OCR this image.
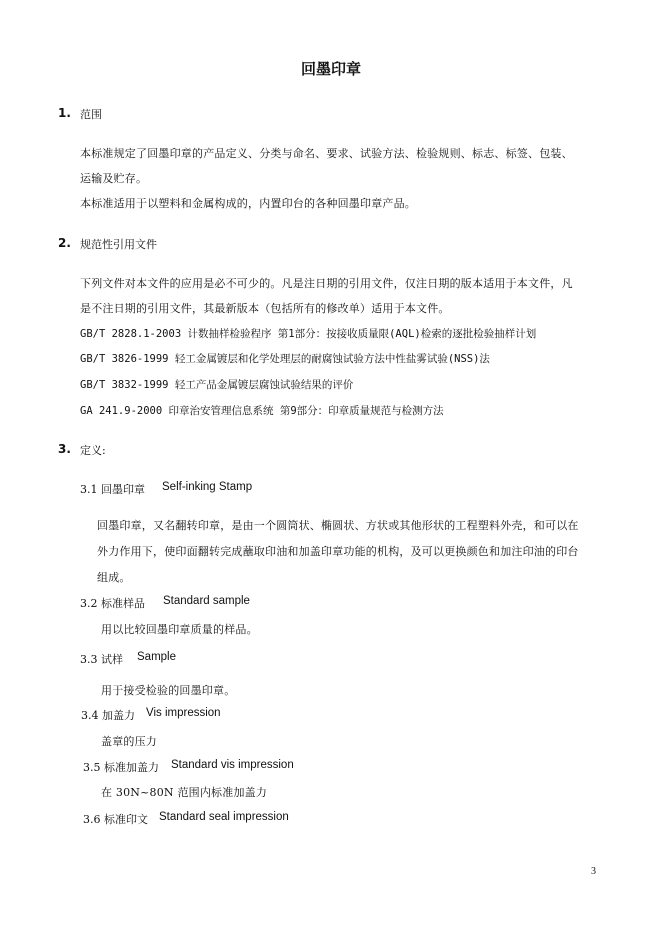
回墨印章
1. 范围
本标准规定了回墨印章的产品定义、分类与命名、要求、试验方法、检验规则、标志、标签、包装、
运输及贮存。
本标准适用于以塑料和金属构成的，内置印台的各种回墨印章产品。
2. 规范性引用文件
下列文件对本文件的应用是必不可少的。凡是注日期的引用文件，仅注日期的版本适用于本文件，凡
是不注日期的引用文件，其最新版本（包括所有的修改单）适用于本文件。
GB/T 2828.1-2003 计数抽样检验程序 第1部分：按接收质量限(AQL)检索的逐批检验抽样计划
GB/T 3826-1999 轻工金属镀层和化学处理层的耐腐蚀试验方法中性盐雾试验(NSS)法
GB/T 3832-1999 轻工产品金属镀层腐蚀试验结果的评价
GA 241.9-2000 印章治安管理信息系统 第9部分：印章质量规范与检测方法
3. 定义:
3.1 回墨印章 Self-inking Stamp
回墨印章，又名翻转印章，是由一个圆筒状、椭圆状、方状或其他形状的工程塑料外壳，和可以在
外力作用下，使印面翻转完成蘸取印油和加盖印章功能的机构，及可以更换颜色和加注印油的印台
组成。
3.2 标准样品 Standard sample
用以比较回墨印章质量的样品。
3.3 试样 Sample
用于接受检验的回墨印章。
3.4 加盖力 Vis impression
盖章的压力
3.5 标准加盖力 Standard vis impression
在 30N~80N 范围内标准加盖力
3.6 标准印文 Standard seal impression
3
